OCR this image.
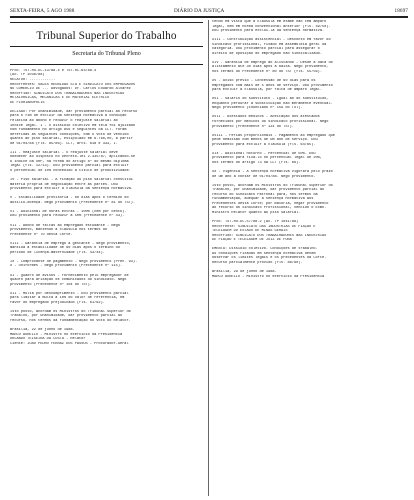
SEXTA-FEIRA, 5 AGO 1988	DIÁRIO DA JUSTIÇA	18697
Tribunal Superior do Trabalho
Secretaria do Tribunal Pleno
Proc. TST-RO-DC-13/88.4 e TST-RC-63/88.4
(Ac. TP 1036/88)
RELATOR: ............
Recorrentes: SALES REUNIDAS S/A E SINDICATO DOS EMPREGADOS
NO COMÉRCIO DE ... Advogados: Dr. Carlos Eduardo Alvarez
Recorrido: SINDICATO DOS TRABALHADORES NAS INDÚSTRIAS
METALÚRGICAS, MECÂNICAS E DE MATERIAL ELÉTRICO
DE FLORIANÓPOLIS
DECISÃO: Por unanimidade, dar provimento parcial ao recurso
para o fim de excluir da sentença normativa a condição
relativa ao abono e reduzir o reajuste salarial ao
índice legal. I - O dissídio coletivo em tela foi ajuizado
com fundamento no artigo 856 e seguintes da CLT. Foram
deferidas as seguintes condições, com o voto de vencido
quanto ao piso salarial, estipulado em 6.760,00, a partir
de 01/04/88 (fls. 85/86). CLT, arts. 818 e 333, I.
III - Reajuste salarial - O reajuste salarial deve
obedecer ao disposto no Decreto-lei 2.335/87, aplicando-se
o índice da URP, na forma do artigo 8º do mesmo diploma
legal (fls. 12/13). Dou provimento parcial para excluir
o percentual de 10% concedido a título de produtividade.
IV - Piso salarial - A fixação do piso salarial constitui
matéria própria de negociação entre as partes. Dou
provimento para excluir a cláusula da sentença normativa.
V - Estabilidade provisória - 60 dias após o término do
auxílio-doença. Nego provimento (Precedente nº 81 do TST).
VI - Adicional de horas extras - 100% (cem por cento).
Dou provimento para reduzir a 50% (Precedente nº 43).
VII - Abono de faltas ao empregado estudante - Nego
provimento, mantendo a cláusula nos termos do
Precedente nº 70 desta Corte.
VIII - Garantia de emprego à gestante - Nego provimento,
mantida a estabilidade de 60 dias após o término do
período de licença-maternidade (fls. 43/44).
IX - Comprovante de pagamento - Nego provimento (Prec. 93).
X - Uniformes - Nego provimento (Precedente nº 115).
XI - Quadro de avisos - Fornecimento pelo empregador de
quadro para afixação de comunicados do sindicato. Nego
provimento (Precedente nº 104 do TST).
XII - Multa por descumprimento - Dou provimento parcial
para limitar a multa a 10% do valor de referência, em
favor do empregado prejudicado (fls. 61/62).
Isto posto, acordam os Ministros do Tribunal Superior do
Trabalho, por unanimidade, dar provimento parcial ao
recurso, nos termos da fundamentação do voto do Relator.
Brasília, 22 de junho de 1988.
MARCO AURÉLIO - Ministro no exercício da Presidência
ORLANDO TEIXEIRA DA COSTA - Relator
Ciente: JOÃO PEDRO FERRAZ DOS PASSOS - Procurador-Geral
tendo em vista que a cláusula em exame não tem amparo
legal, nem em norma convencional anterior (fls. 49/50).
Dou provimento para excluí-la da sentença normativa.
XIII - Contribuição assistencial - Desconto em favor do
sindicato profissional, fixado em assembléia geral da
categoria. Dou provimento parcial para assegurar o
direito de oposição do empregado não sindicalizado.
XIV - Garantia de emprego ao alistando - Desde a data do
alistamento até 30 dias após a baixa. Nego provimento,
nos termos do Precedente nº 80 do TST (fls. 55/56).
XV - Aviso prévio - Concessão de 60 dias para os
empregados com mais de 5 anos de serviço. Dou provimento
para excluir a cláusula, por falta de amparo legal.
XVI - Salário do substituto - Igual ao do substituído,
enquanto perdurar a substituição não meramente eventual.
Nego provimento (Enunciado nº 159 do TST).
XVII - Atestados médicos - Aceitação dos atestados
fornecidos por médicos do sindicato profissional. Nego
provimento (Precedente nº 124 do TST).
XVIII - Férias proporcionais - Pagamento ao empregado que
pede demissão com menos de um ano de serviço. Dou
provimento para excluir a cláusula (fls. 64/65).
XIX - Adicional noturno - Percentual de 50%. Dou
provimento para fixá-lo no percentual legal de 20%,
nos termos do artigo 73 da CLT (fls. 66).
XX - Vigência - A sentença normativa vigorará pelo prazo
de um ano a contar de 01/04/88. Nego provimento.
Isto posto, acordam os Ministros do Tribunal Superior do
Trabalho, por unanimidade, dar provimento parcial ao
recurso do Sindicato Patronal para, nos termos da
fundamentação, adequar a sentença normativa aos
Precedentes desta Corte; por maioria, negar provimento
ao recurso do Sindicato Profissional, vencido o Exmo.
Ministro Relator quanto ao piso salarial.
Proc. TST-RO-DC-57/88.2 (Ac. TP 1041/88)
Recorrente: SINDICATO DAS INDÚSTRIAS DE FIAÇÃO E
TECELAGEM DO ESTADO DE MINAS GERAIS
Recorrido: SINDICATO DOS TRABALHADORES NAS INDÚSTRIAS
DE FIAÇÃO E TECELAGEM DE JUIZ DE FORA
EMENTA: Dissídio coletivo. Condições de trabalho.
As condições fixadas em sentença normativa devem
observar os limites legais e os precedentes da Corte.
Recurso parcialmente provido (fls. 88/90).
Brasília, 29 de junho de 1988.
MARCO AURÉLIO - Ministro no exercício da Presidência
